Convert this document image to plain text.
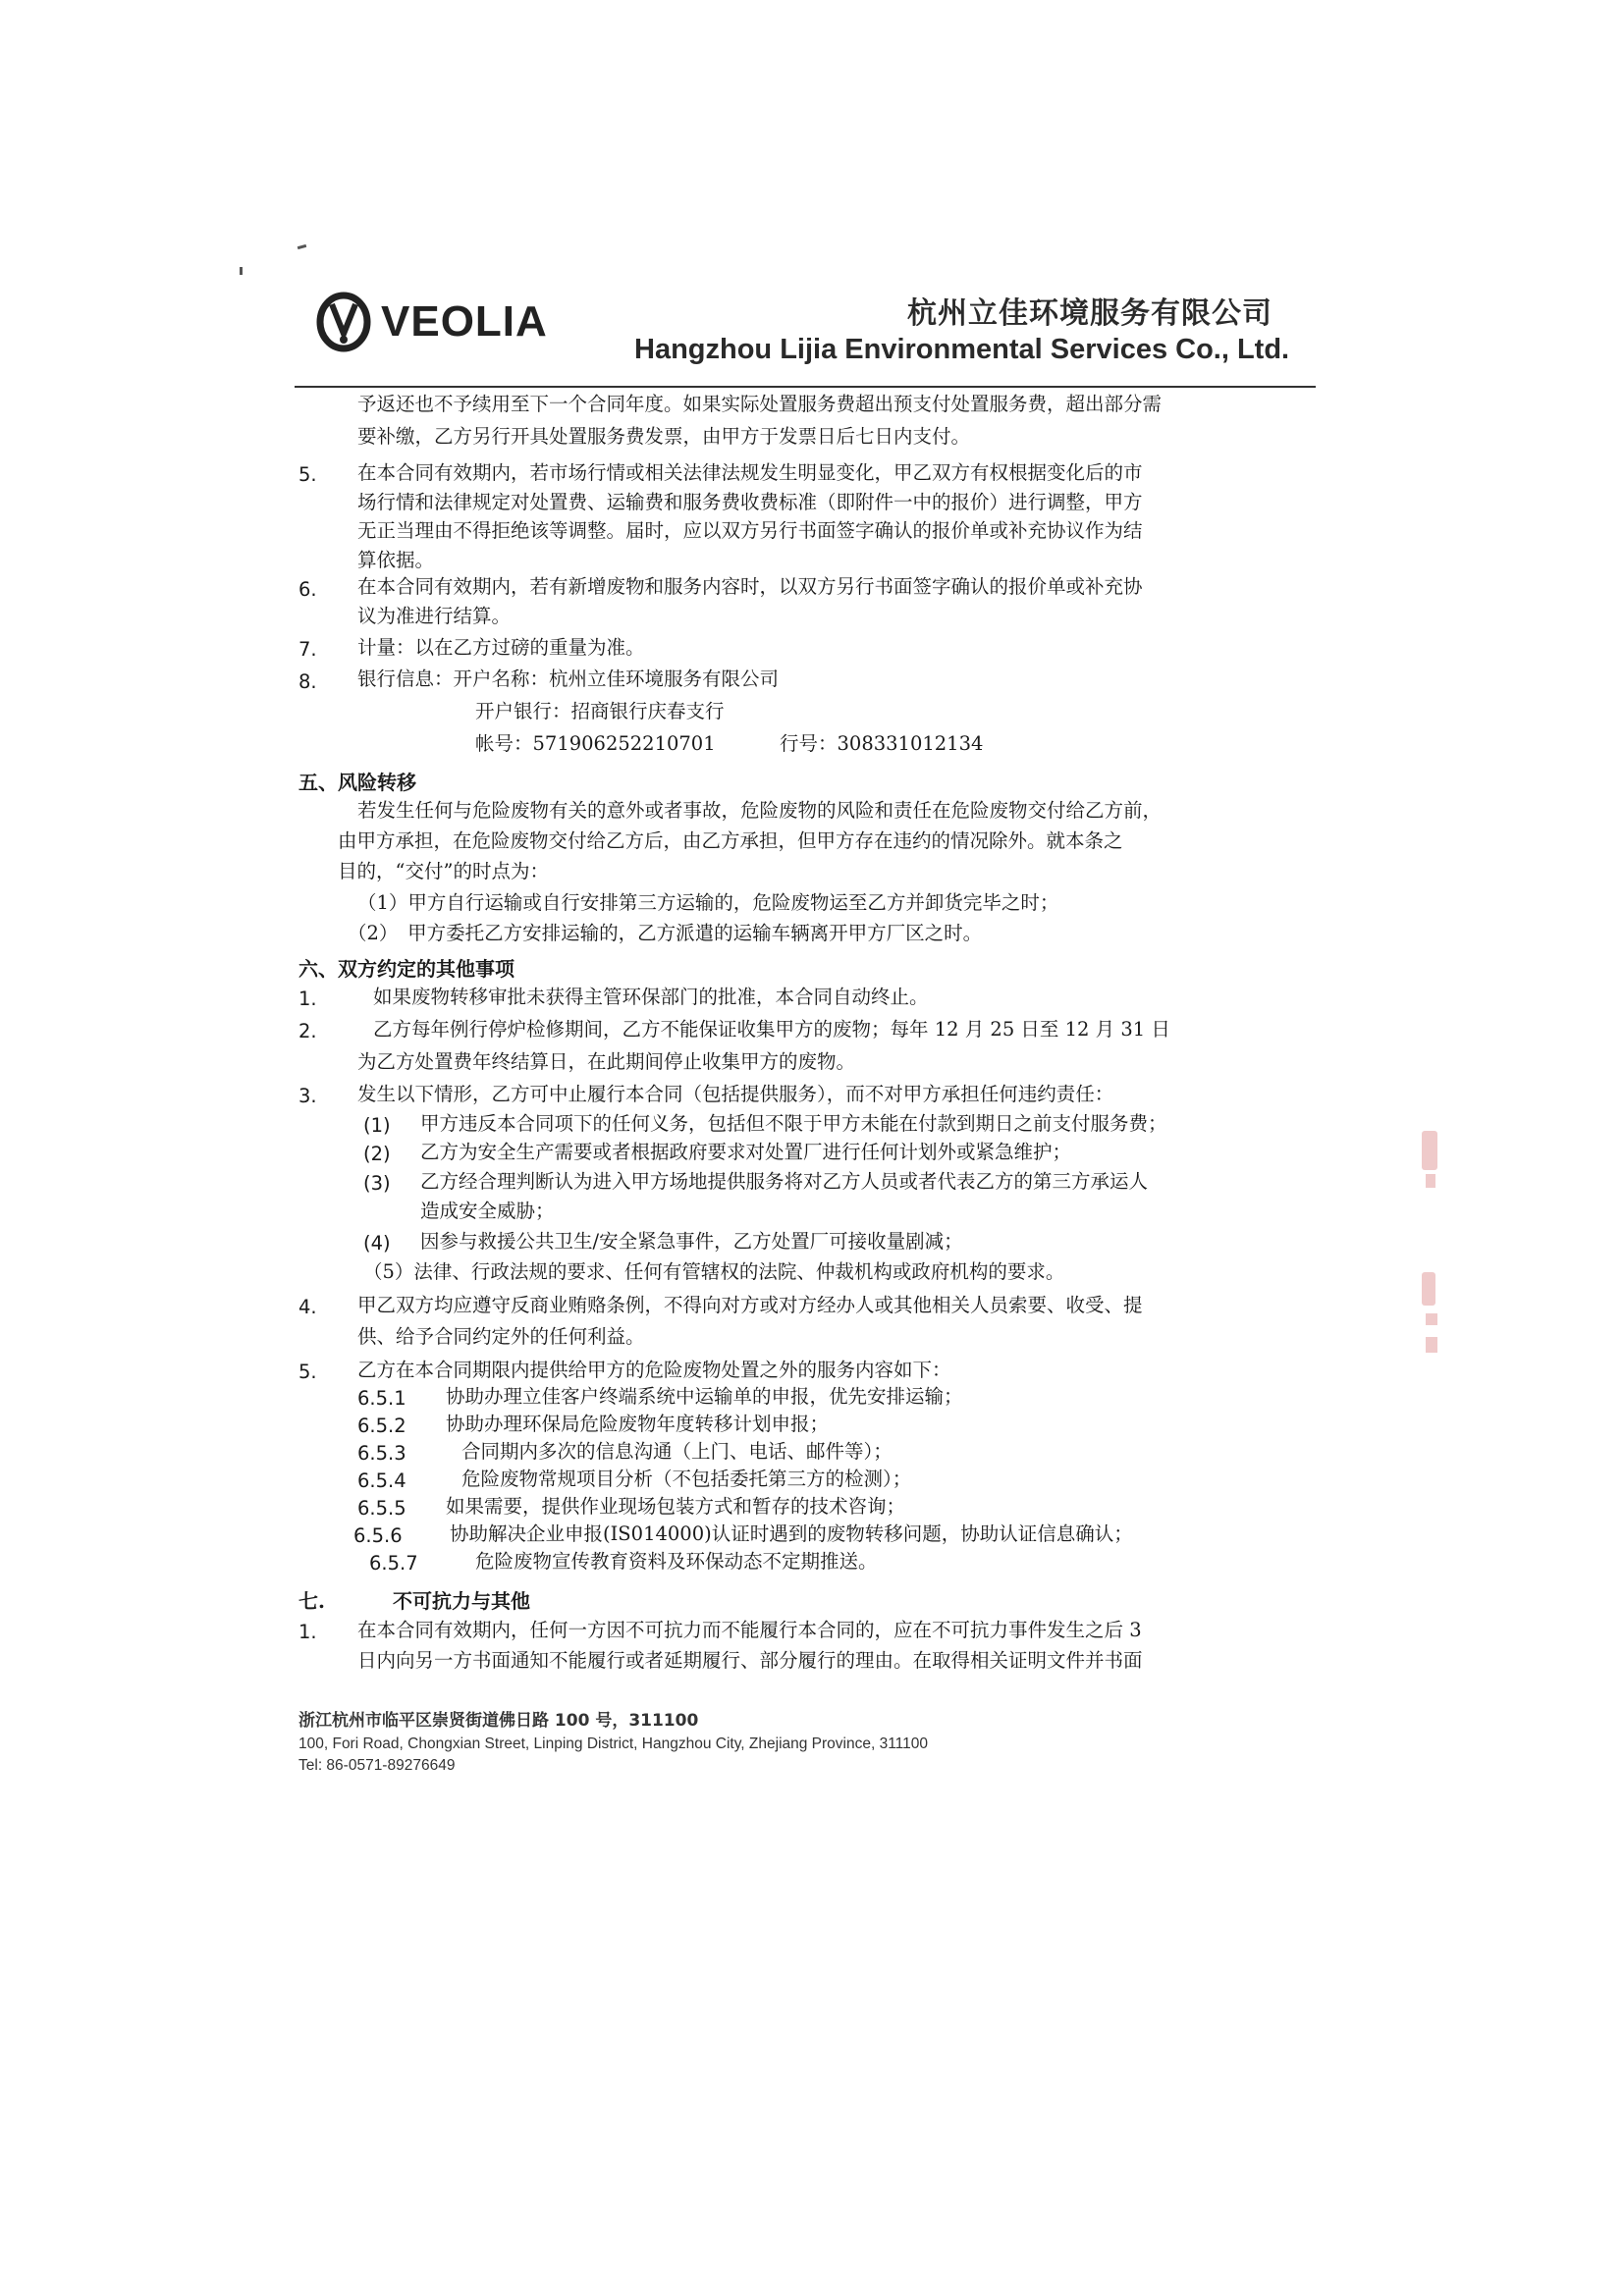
VEOLIA	杭州立佳环境服务有限公司
Hangzhou Lijia Environmental Services Co., Ltd.
予返还也不予续用至下一个合同年度。如果实际处置服务费超出预支付处置服务费，超出部分需
要补缴，乙方另行开具处置服务费发票，由甲方于发票日后七日内支付。
5. 在本合同有效期内，若市场行情或相关法律法规发生明显变化，甲乙双方有权根据变化后的市
场行情和法律规定对处置费、运输费和服务费收费标准（即附件一中的报价）进行调整，甲方
无正当理由不得拒绝该等调整。届时，应以双方另行书面签字确认的报价单或补充协议作为结
算依据。
6. 在本合同有效期内，若有新增废物和服务内容时，以双方另行书面签字确认的报价单或补充协
议为准进行结算。
7. 计量：以在乙方过磅的重量为准。
8. 银行信息：开户名称：杭州立佳环境服务有限公司
开户银行：招商银行庆春支行
帐号：571906252210701	行号：308331012134
五、风险转移
若发生任何与危险废物有关的意外或者事故，危险废物的风险和责任在危险废物交付给乙方前，
由甲方承担，在危险废物交付给乙方后，由乙方承担，但甲方存在违约的情况除外。就本条之
目的，“交付”的时点为：
（1）甲方自行运输或自行安排第三方运输的，危险废物运至乙方并卸货完毕之时；
（2）　甲方委托乙方安排运输的，乙方派遣的运输车辆离开甲方厂区之时。
六、双方约定的其他事项
1.	如果废物转移审批未获得主管环保部门的批准，本合同自动终止。
2.	乙方每年例行停炉检修期间，乙方不能保证收集甲方的废物；每年 12 月 25 日至 12 月 31 日
为乙方处置费年终结算日，在此期间停止收集甲方的废物。
3. 发生以下情形，乙方可中止履行本合同（包括提供服务），而不对甲方承担任何违约责任：
(1) 甲方违反本合同项下的任何义务，包括但不限于甲方未能在付款到期日之前支付服务费；
(2) 乙方为安全生产需要或者根据政府要求对处置厂进行任何计划外或紧急维护；
(3) 乙方经合理判断认为进入甲方场地提供服务将对乙方人员或者代表乙方的第三方承运人
造成安全威胁；
(4) 因参与救援公共卫生/安全紧急事件，乙方处置厂可接收量剧减；
（5）法律、行政法规的要求、任何有管辖权的法院、仲裁机构或政府机构的要求。
4. 甲乙双方均应遵守反商业贿赂条例，不得向对方或对方经办人或其他相关人员索要、收受、提
供、给予合同约定外的任何利益。
5. 乙方在本合同期限内提供给甲方的危险废物处置之外的服务内容如下：
6.5.1 协助办理立佳客户终端系统中运输单的申报，优先安排运输；
6.5.2 协助办理环保局危险废物年度转移计划申报；
6.5.3	合同期内多次的信息沟通（上门、电话、邮件等）；
6.5.4	危险废物常规项目分析（不包括委托第三方的检测）；
6.5.5 如果需要，提供作业现场包装方式和暂存的技术咨询；
6.5.6 协助解决企业申报(IS014000)认证时遇到的废物转移问题，协助认证信息确认；
6.5.7	危险废物宣传教育资料及环保动态不定期推送。
七.	不可抗力与其他
1. 在本合同有效期内，任何一方因不可抗力而不能履行本合同的，应在不可抗力事件发生之后 3
日内向另一方书面通知不能履行或者延期履行、部分履行的理由。在取得相关证明文件并书面
浙江杭州市临平区崇贤街道佛日路 100 号，311100
100, Fori Road, Chongxian Street, Linping District, Hangzhou City, Zhejiang Province, 311100
Tel: 86-0571-89276649
